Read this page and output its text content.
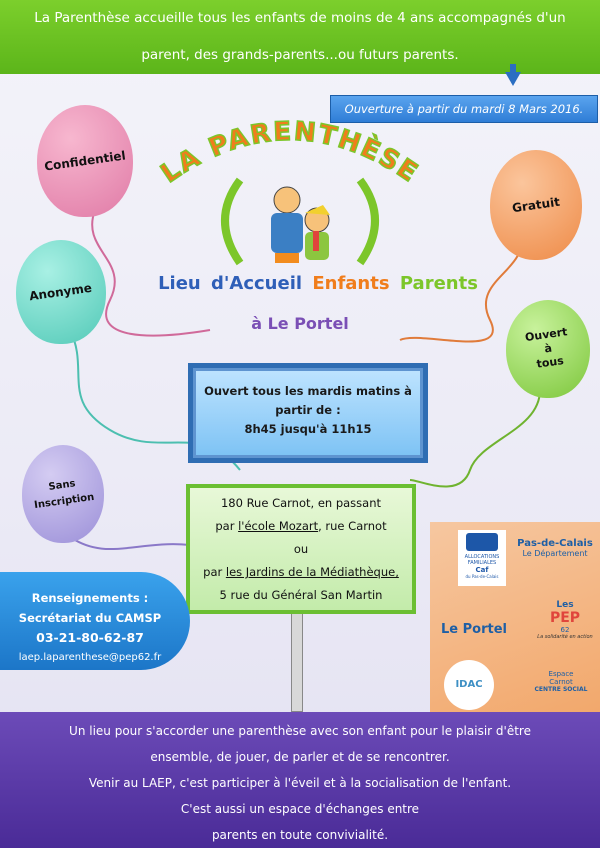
La Parenthèse accueille tous les enfants de moins de 4 ans accompagnés d'un
parent, des grands-parents...ou futurs parents.
Ouverture à partir du mardi 8 Mars 2016.
LA PARENTHÈSE
Lieu d'Accueil Enfants Parents
à Le Portel
Confidentiel
Anonyme
Sans
Inscription
Gratuit
Ouvert
à
tous
Ouvert tous les mardis matins à
partir de :
8h45 jusqu'à 11h15
180 Rue Carnot, en passant
par l'école Mozart, rue Carnot
ou
par les Jardins de la Médiathèque,
5 rue du Général San Martin
Renseignements :
Secrétariat du CAMSP
03-21-80-62-87
laep.laparenthese@pep62.fr
ALLOCATIONS
FAMILIALES
Caf
du Pas-de-Calais
Pas-de-Calais
Le Département
Le Portel
Les
PEP
62
La solidarité en action
IDAC
Espace
Carnot
CENTRE SOCIAL
Un lieu pour s'accorder une parenthèse avec son enfant pour le plaisir d'être
ensemble, de jouer, de parler et de se rencontrer.
Venir au LAEP, c'est participer à l'éveil et à la socialisation de l'enfant.
C'est aussi un espace d'échanges entre
parents en toute convivialité.
